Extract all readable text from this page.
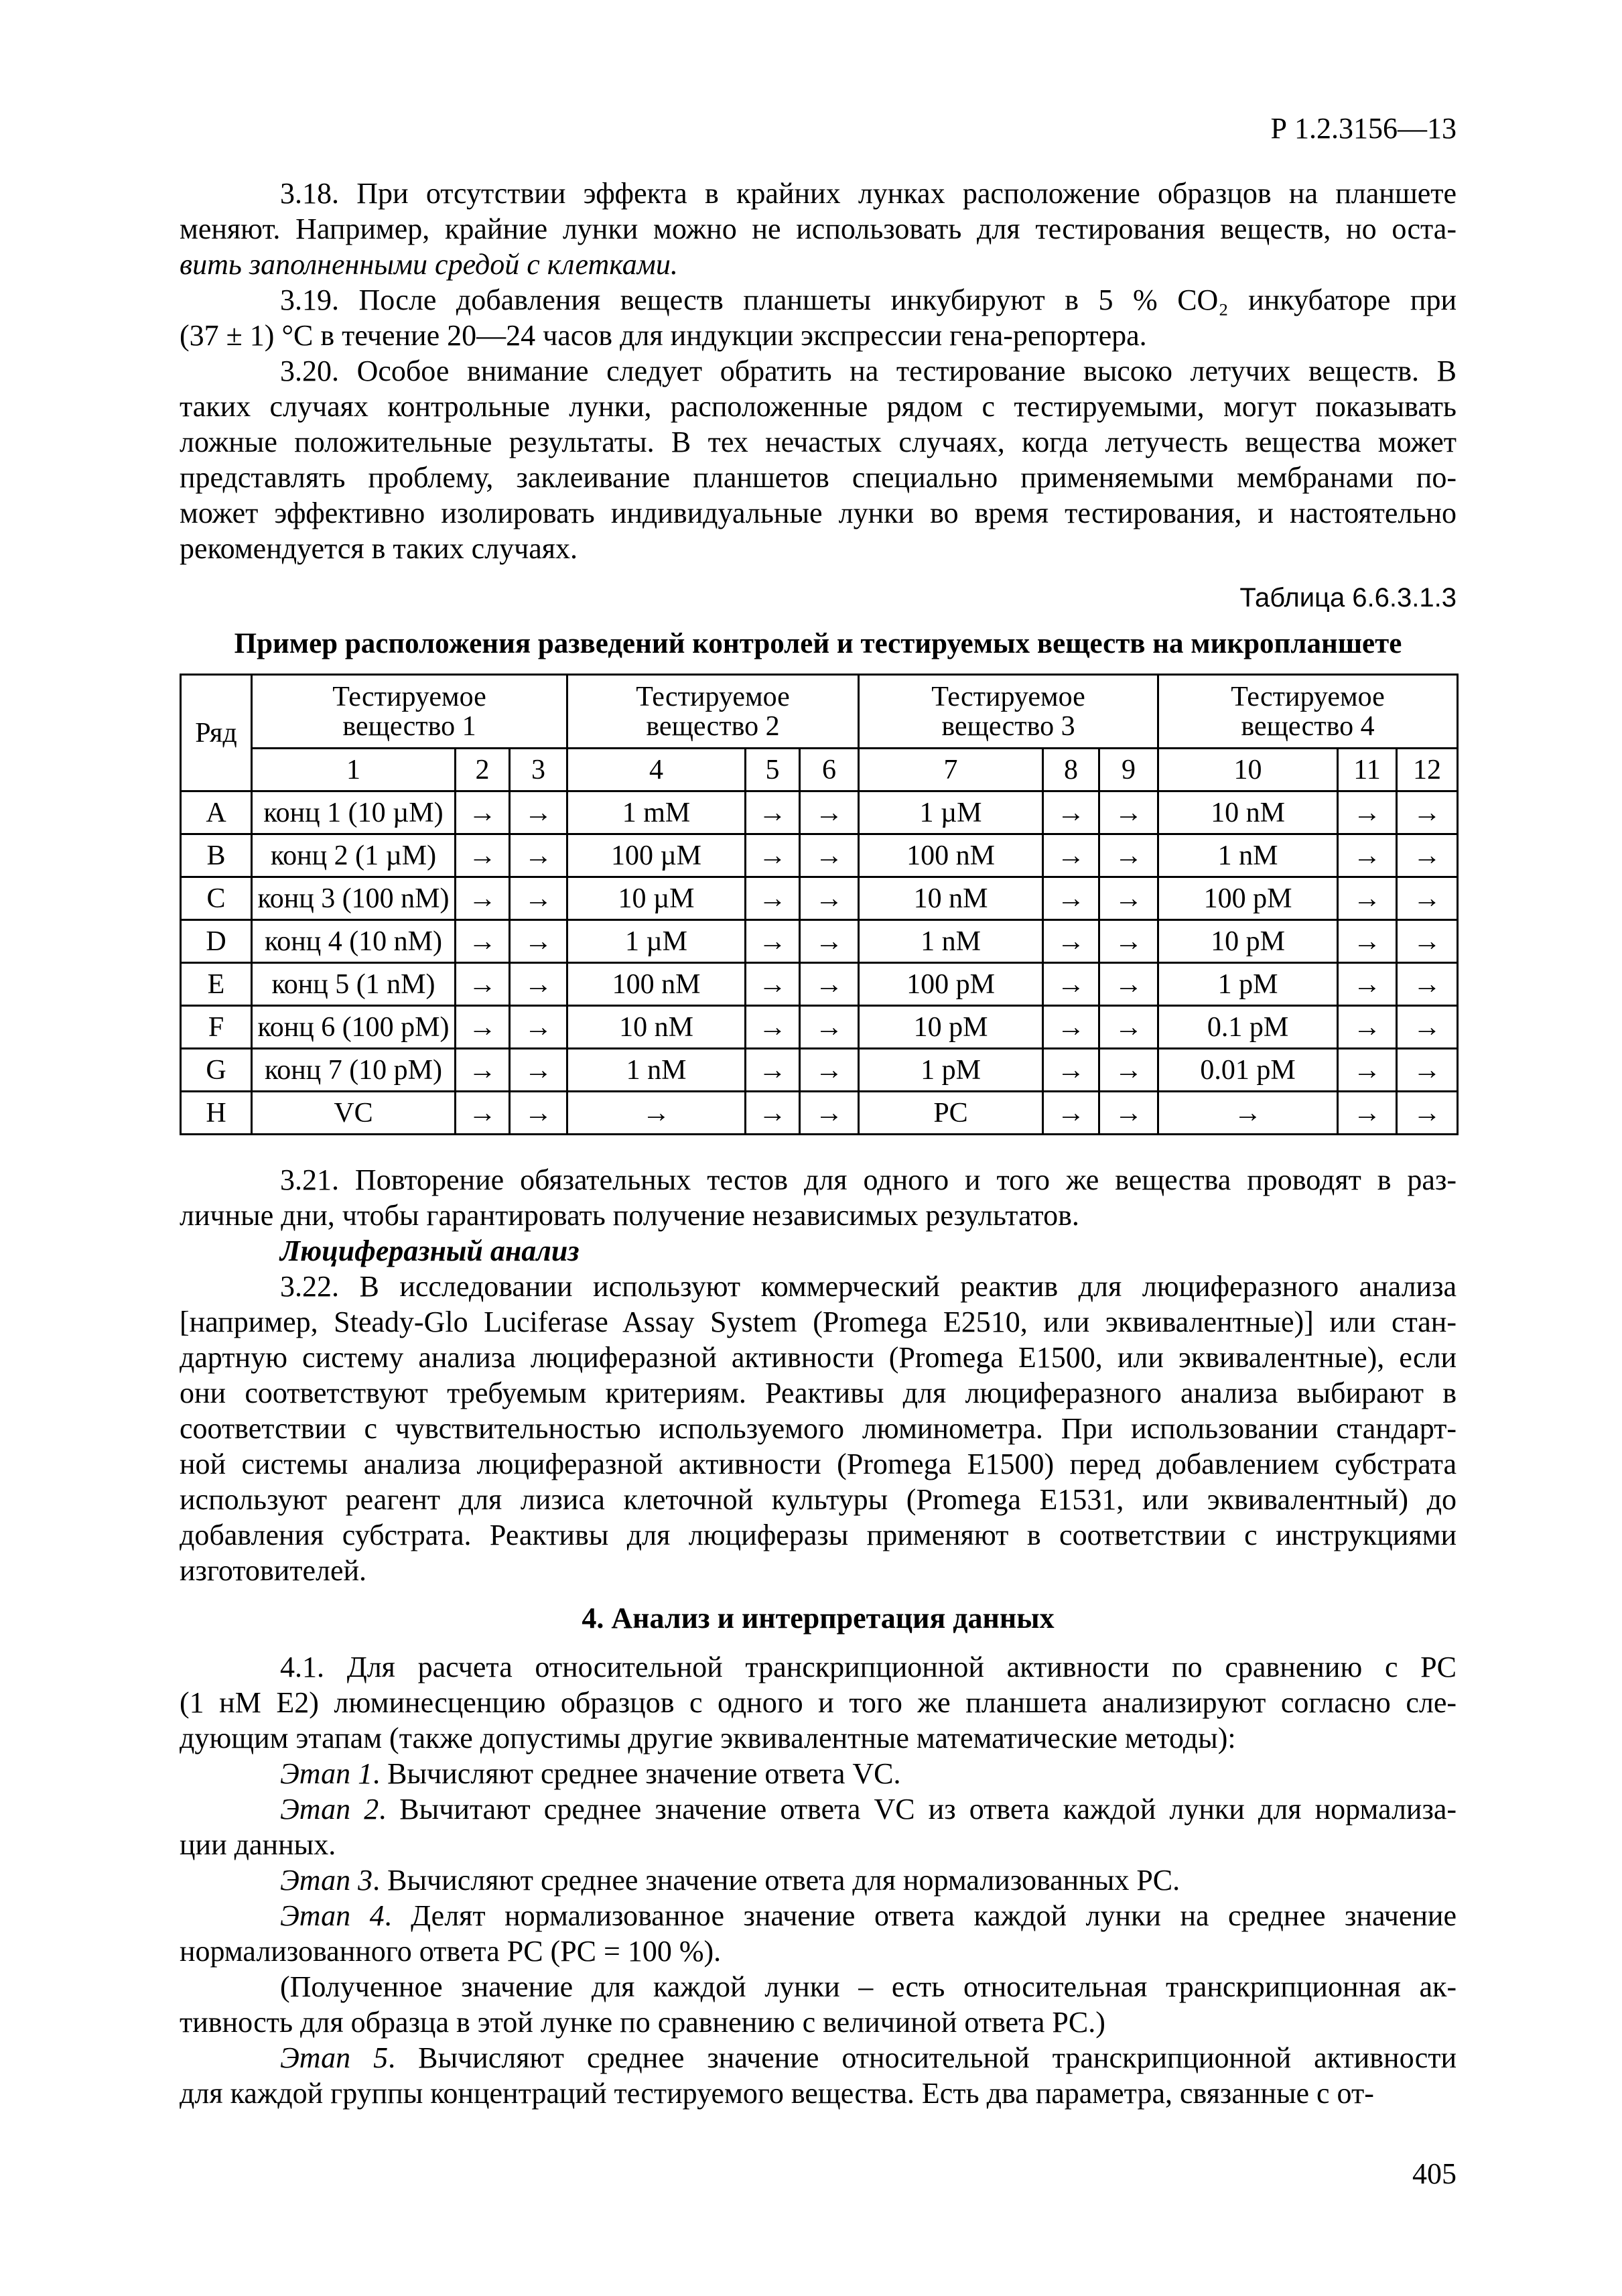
Р 1.2.3156—13
3.18. При отсутствии эффекта в крайних лунках расположение образцов на планшете
меняют. Например, крайние лунки можно не использовать для тестирования веществ, но оста-
вить заполненными средой с клетками.
3.19. После добавления веществ планшеты инкубируют в 5 % CO₂ инкубаторе при
(37 ± 1) °C в течение 20—24 часов для индукции экспрессии гена-репортера.
3.20. Особое внимание следует обратить на тестирование высоко летучих веществ. В
таких случаях контрольные лунки, расположенные рядом с тестируемыми, могут показывать
ложные положительные результаты. В тех нечастых случаях, когда летучесть вещества может
представлять проблему, заклеивание планшетов специально применяемыми мембранами по-
может эффективно изолировать индивидуальные лунки во время тестирования, и настоятельно
рекомендуется в таких случаях.
Таблица 6.6.3.1.3
Пример расположения разведений контролей и тестируемых веществ на микропланшете
Ряд	Тестируемое вещество 1			Тестируемое вещество 2			Тестируемое вещество 3			Тестируемое вещество 4		
	1	2	3	4	5	6	7	8	9	10	11	12
A	конц 1 (10 µM)	→	→	1 mM	→	→	1 µM	→	→	10 nM	→	→
B	конц 2 (1 µM)	→	→	100 µM	→	→	100 nM	→	→	1 nM	→	→
C	конц 3 (100 nM)	→	→	10 µM	→	→	10 nM	→	→	100 pM	→	→
D	конц 4 (10 nM)	→	→	1 µM	→	→	1 nM	→	→	10 pM	→	→
E	конц 5 (1 nM)	→	→	100 nM	→	→	100 pM	→	→	1 pM	→	→
F	конц 6 (100 pM)	→	→	10 nM	→	→	10 pM	→	→	0.1 pM	→	→
G	конц 7 (10 pM)	→	→	1 nM	→	→	1 pM	→	→	0.01 pM	→	→
H	VC	→	→	→	→	→	PC	→	→	→	→	→
3.21. Повторение обязательных тестов для одного и того же вещества проводят в раз-
личные дни, чтобы гарантировать получение независимых результатов.
Люциферазный анализ
3.22. В исследовании используют коммерческий реактив для люциферазного анализа
[например, Steady-Glo Luciferase Assay System (Promega E2510, или эквивалентные)] или стан-
дартную систему анализа люциферазной активности (Promega E1500, или эквивалентные), если
они соответствуют требуемым критериям. Реактивы для люциферазного анализа выбирают в
соответствии с чувствительностью используемого люминометра. При использовании стандарт-
ной системы анализа люциферазной активности (Promega E1500) перед добавлением субстрата
используют реагент для лизиса клеточной культуры (Promega E1531, или эквивалентный) до
добавления субстрата. Реактивы для люциферазы применяют в соответствии с инструкциями
изготовителей.
4. Анализ и интерпретация данных
4.1. Для расчета относительной транскрипционной активности по сравнению с PC
(1 нМ E2) люминесценцию образцов с одного и того же планшета анализируют согласно сле-
дующим этапам (также допустимы другие эквивалентные математические методы):
Этап 1. Вычисляют среднее значение ответа VC.
Этап 2. Вычитают среднее значение ответа VC из ответа каждой лунки для нормализа-
ции данных.
Этап 3. Вычисляют среднее значение ответа для нормализованных PC.
Этап 4. Делят нормализованное значение ответа каждой лунки на среднее значение
нормализованного ответа PC (PC = 100 %).
(Полученное значение для каждой лунки – есть относительная транскрипционная ак-
тивность для образца в этой лунке по сравнению с величиной ответа PC.)
Этап 5. Вычисляют среднее значение относительной транскрипционной активности
для каждой группы концентраций тестируемого вещества. Есть два параметра, связанные с от-
405
